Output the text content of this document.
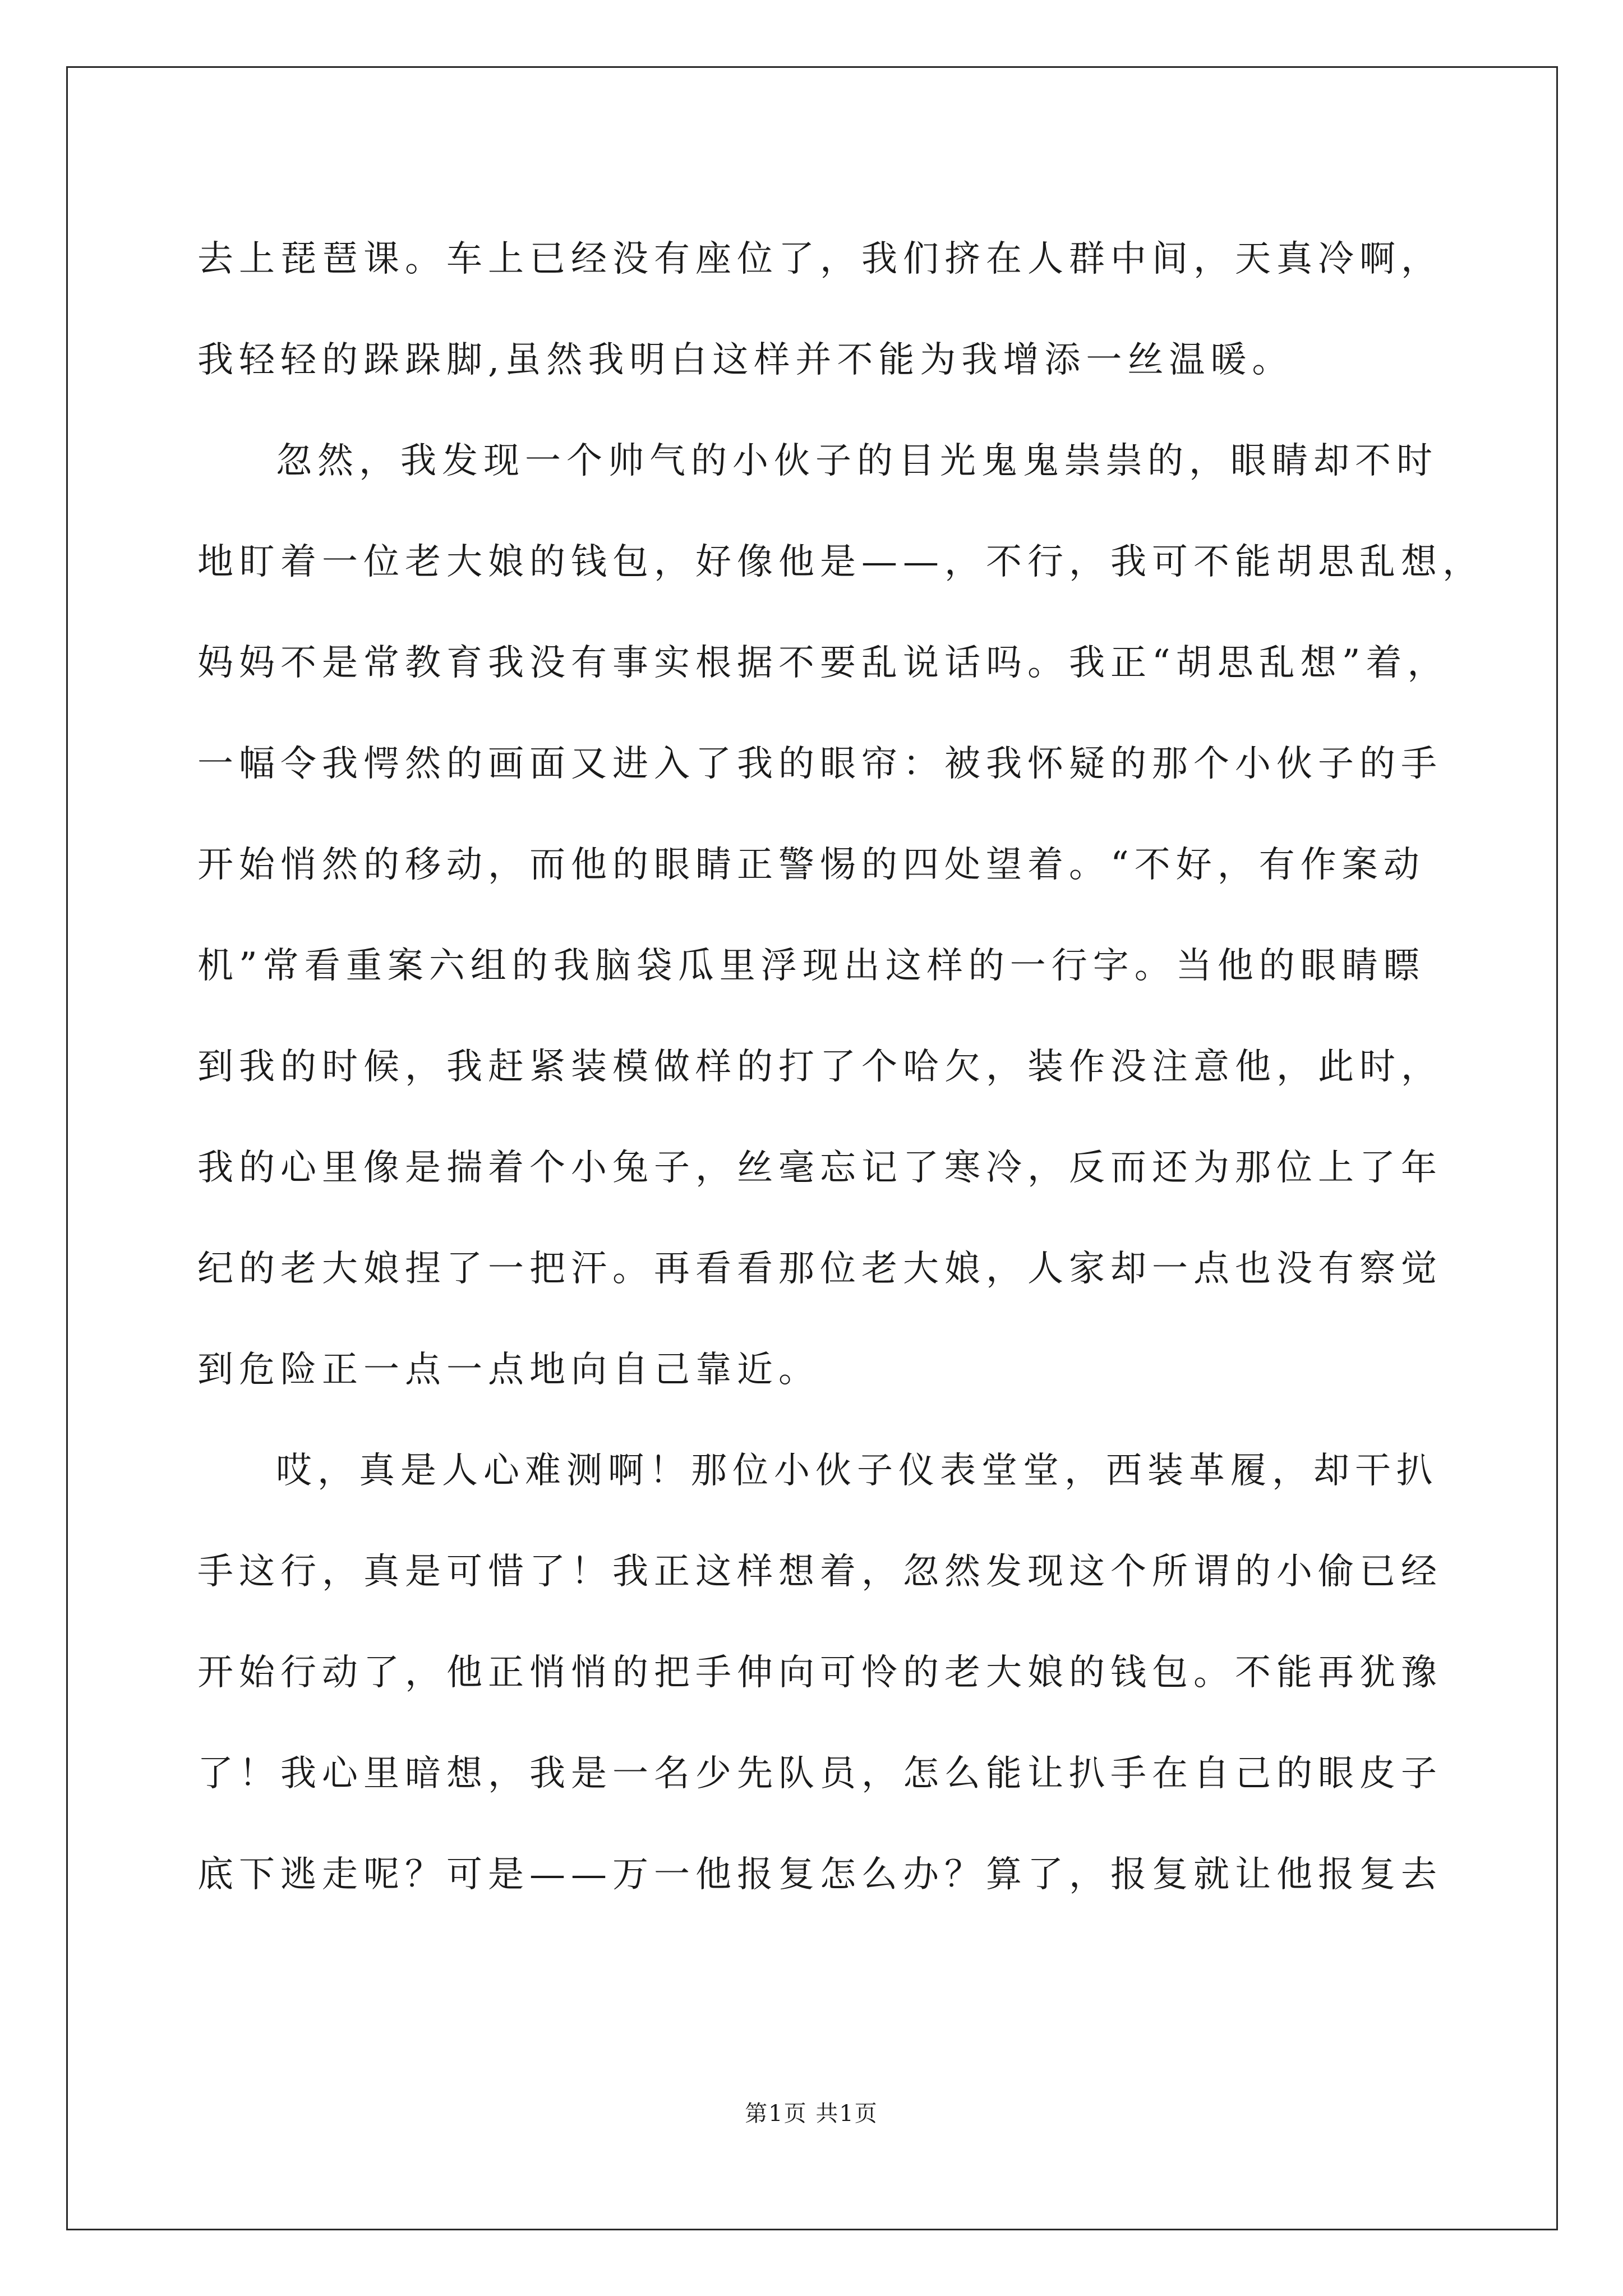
去上琵琶课。车上已经没有座位了，我们挤在人群中间，天真冷啊，
我轻轻的跺跺脚,虽然我明白这样并不能为我增添一丝温暖。
忽然，我发现一个帅气的小伙子的目光鬼鬼祟祟的，眼睛却不时
地盯着一位老大娘的钱包，好像他是——，不行，我可不能胡思乱想，
妈妈不是常教育我没有事实根据不要乱说话吗。我正“胡思乱想”着，
一幅令我愕然的画面又进入了我的眼帘：被我怀疑的那个小伙子的手
开始悄然的移动，而他的眼睛正警惕的四处望着。“不好，有作案动
机”常看重案六组的我脑袋瓜里浮现出这样的一行字。当他的眼睛瞟
到我的时候，我赶紧装模做样的打了个哈欠，装作没注意他，此时，
我的心里像是揣着个小兔子，丝毫忘记了寒冷，反而还为那位上了年
纪的老大娘捏了一把汗。再看看那位老大娘，人家却一点也没有察觉
到危险正一点一点地向自己靠近。
哎，真是人心难测啊！那位小伙子仪表堂堂，西装革履，却干扒
手这行，真是可惜了！我正这样想着，忽然发现这个所谓的小偷已经
开始行动了，他正悄悄的把手伸向可怜的老大娘的钱包。不能再犹豫
了！我心里暗想，我是一名少先队员，怎么能让扒手在自己的眼皮子
底下逃走呢？可是——万一他报复怎么办？算了，报复就让他报复去
第1页 共1页
